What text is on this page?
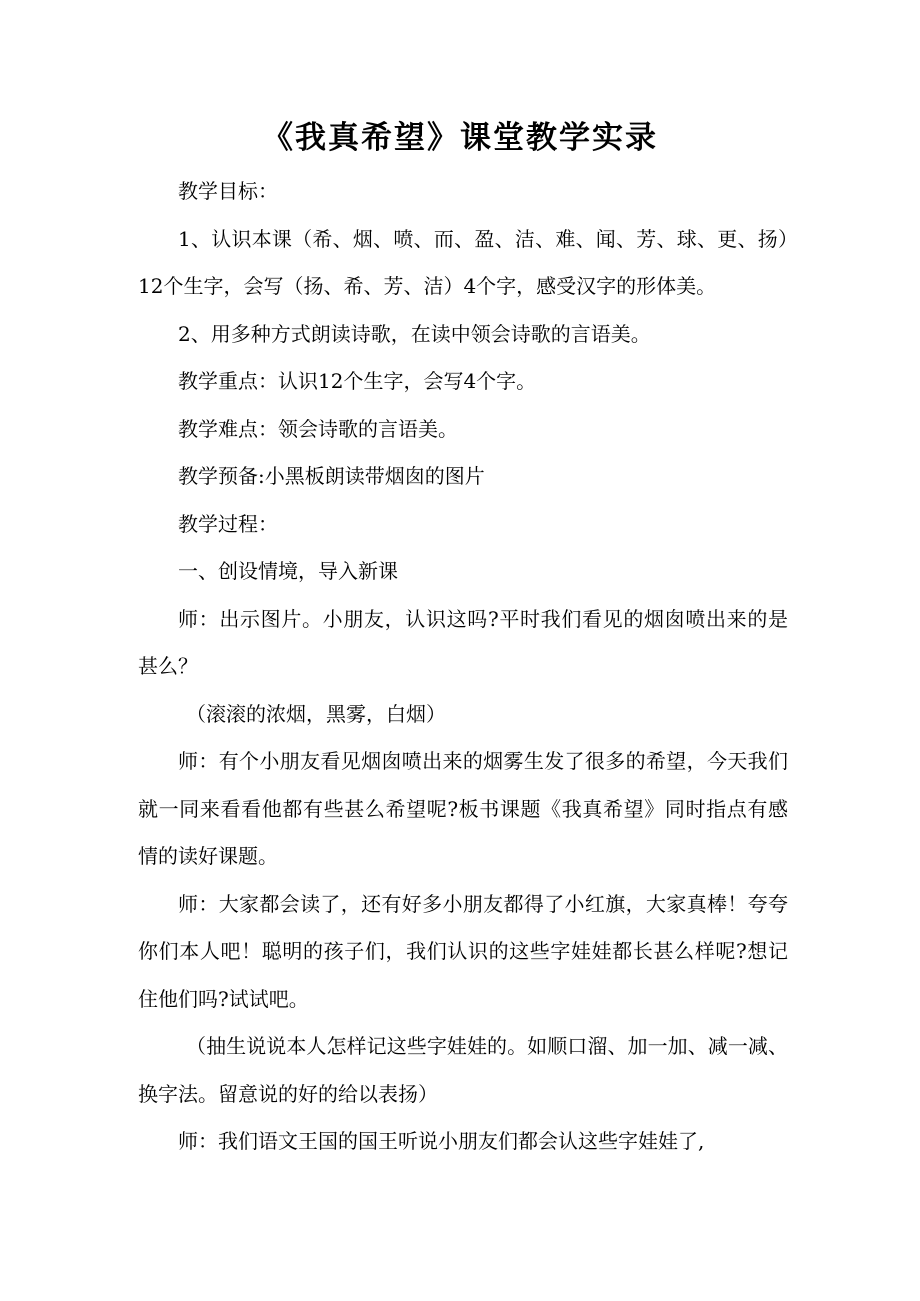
《我真希望》课堂教学实录

教学目标：

1、认识本课（希、烟、喷、而、盈、洁、难、闻、芳、球、更、扬）12个生字，会写（扬、希、芳、洁）4个字，感受汉字的形体美。

2、用多种方式朗读诗歌，在读中领会诗歌的言语美。

教学重点：认识12个生字，会写4个字。

教学难点：领会诗歌的言语美。

教学预备:小黑板朗读带烟囱的图片

教学过程：

一、创设情境，导入新课

师：出示图片。小朋友，认识这吗?平时我们看见的烟囱喷出来的是甚么？

（滚滚的浓烟，黑雾，白烟）

师：有个小朋友看见烟囱喷出来的烟雾生发了很多的希望，今天我们就一同来看看他都有些甚么希望呢?板书课题《我真希望》同时指点有感情的读好课题。

师：大家都会读了，还有好多小朋友都得了小红旗，大家真棒！夸夸你们本人吧！聪明的孩子们，我们认识的这些字娃娃都长甚么样呢?想记住他们吗?试试吧。

（抽生说说本人怎样记这些字娃娃的。如顺口溜、加一加、减一减、换字法。留意说的好的给以表扬）

师：我们语文王国的国王听说小朋友们都会认这些字娃娃了,
